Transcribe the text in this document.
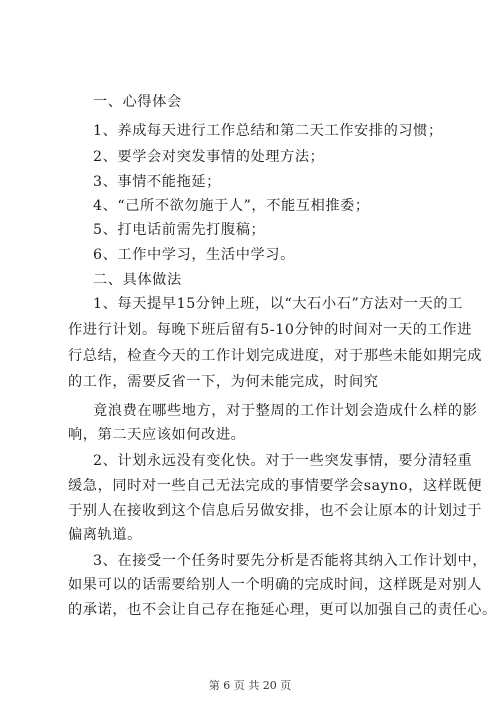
一、心得体会
1、养成每天进行工作总结和第二天工作安排的习惯；
2、要学会对突发事情的处理方法；
3、事情不能拖延；
4、“己所不欲勿施于人”，不能互相推委；
5、打电话前需先打腹稿；
6、工作中学习，生活中学习。
二、具体做法
1、每天提早15分钟上班，以“大石小石”方法对一天的工
作进行计划。每晚下班后留有5-10分钟的时间对一天的工作进
行总结，检查今天的工作计划完成进度，对于那些未能如期完成
的工作，需要反省一下，为何未能完成，时间究
竟浪费在哪些地方，对于整周的工作计划会造成什么样的影
响，第二天应该如何改进。
2、计划永远没有变化快。对于一些突发事情，要分清轻重
缓急，同时对一些自己无法完成的事情要学会sayno，这样既便
于别人在接收到这个信息后另做安排，也不会让原本的计划过于
偏离轨道。
3、在接受一个任务时要先分析是否能将其纳入工作计划中，
如果可以的话需要给别人一个明确的完成时间，这样既是对别人
的承诺，也不会让自己存在拖延心理，更可以加强自己的责任心。
第 6 页 共 20 页
